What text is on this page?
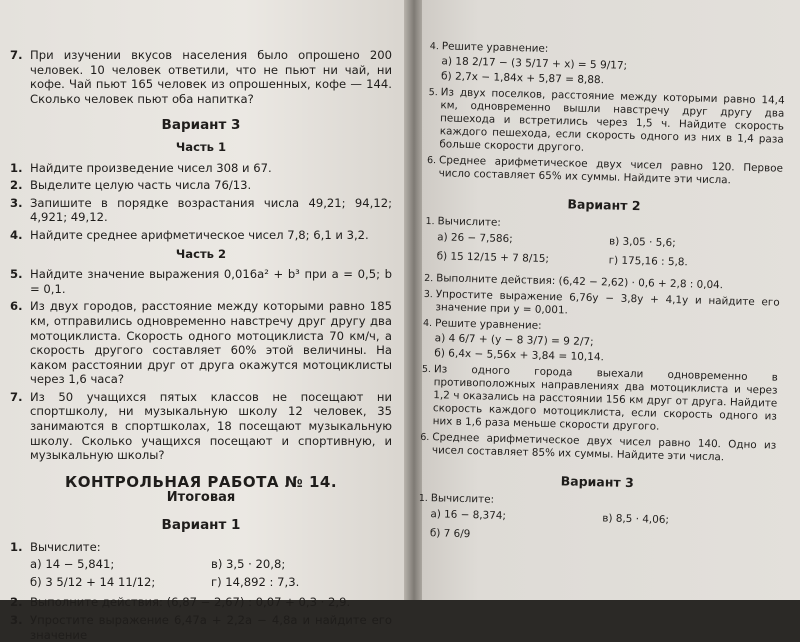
7. При изучении вкусов населения было опрошено 200 человек. 10 человек ответили, что не пьют ни чай, ни кофе. Чай пьют 165 человек из опрошенных, кофе — 144. Сколько человек пьют оба напитка?
Вариант 3
Часть 1
1. Найдите произведение чисел 308 и 67.
2. Выделите целую часть числа 76/13.
3. Запишите в порядке возрастания числа 49,21; 94,12; 4,921; 49,12.
4. Найдите среднее арифметическое чисел 7,8; 6,1 и 3,2.
Часть 2
5. Найдите значение выражения 0,016a² + b³ при a = 0,5; b = 0,1.
6. Из двух городов, расстояние между которыми равно 185 км, отправились одновременно навстречу друг другу два мотоциклиста. Скорость одного мотоциклиста 70 км/ч, а скорость другого составляет 60% этой величины. На каком расстоянии друг от друга окажутся мотоциклисты через 1,6 часа?
7. Из 50 учащихся пятых классов не посещают ни спортшколу, ни музыкальную школу 12 человек, 35 занимаются в спортшколах, 18 посещают музыкальную школу. Сколько учащихся посещают и спортивную, и музыкальную школы?
КОНТРОЛЬНАЯ РАБОТА № 14.
Итоговая
Вариант 1
1. Вычислите:
а) 14 − 5,841;	в) 3,5 · 20,8;
б) 3 5/12 + 14 11/12;	г) 14,892 : 7,3.
2. Выполните действия: (6,87 − 2,67) : 0,07 + 0,3 · 2,9.
3. Упростите выражение 6,47a + 2,2a − 4,8a и найдите его значение
4. Решите уравнение:
а) 18 2/17 − (3 5/17 + x) = 5 9/17;
б) 2,7x − 1,84x + 5,87 = 8,88.
5. Из двух поселков, расстояние между которыми равно 14,4 км, одновременно вышли навстречу друг другу два пешехода и встретились через 1,5 ч. Найдите скорость каждого пешехода, если скорость одного из них в 1,4 раза больше скорости другого.
6. Среднее арифметическое двух чисел равно 120. Первое число составляет 65% их суммы. Найдите эти числа.
Вариант 2
1. Вычислите:
а) 26 − 7,586;	в) 3,05 · 5,6;
б) 15 12/15 + 7 8/15;	г) 175,16 : 5,8.
2. Выполните действия: (6,42 − 2,62) · 0,6 + 2,8 : 0,04.
3. Упростите выражение 6,76y − 3,8y + 4,1y и найдите его значение при y = 0,001.
4. Решите уравнение:
а) 4 6/7 + (y − 8 3/7) = 9 2/7;
б) 6,4x − 5,56x + 3,84 = 10,14.
5. Из одного города выехали одновременно в противоположных направлениях два мотоциклиста и через 1,2 ч оказались на расстоянии 156 км друг от друга. Найдите скорость каждого мотоциклиста, если скорость одного из них в 1,6 раза меньше скорости другого.
6. Среднее арифметическое двух чисел равно 140. Одно из чисел составляет 85% их суммы. Найдите эти числа.
Вариант 3
1. Вычислите:
а) 16 − 8,374;	в) 8,5 · 4,06;
б) 7 6/9
